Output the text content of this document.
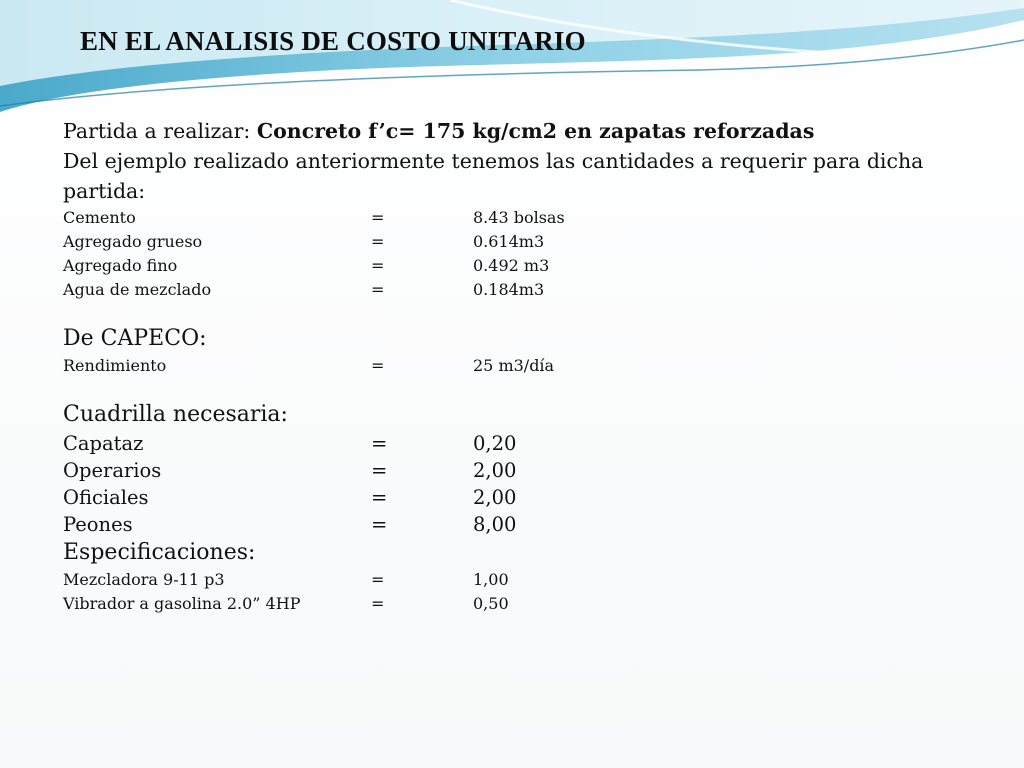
EN EL ANALISIS DE COSTO UNITARIO
Partida a realizar: Concreto f’c= 175 kg/cm2 en zapatas reforzadas
Del ejemplo realizado anteriormente tenemos las cantidades a requerir para dicha partida:
Cemento	=	8.43 bolsas
Agregado grueso	=	0.614m3
Agregado fino	=	0.492 m3
Agua de mezclado	=	0.184m3
De CAPECO:
Rendimiento	=	25 m3/día
Cuadrilla necesaria:
Capataz	=	0,20
Operarios	=	2,00
Oficiales	=	2,00
Peones	=	8,00
Especificaciones:
Mezcladora 9-11 p3	=	1,00
Vibrador a gasolina 2.0” 4HP	=	0,50
